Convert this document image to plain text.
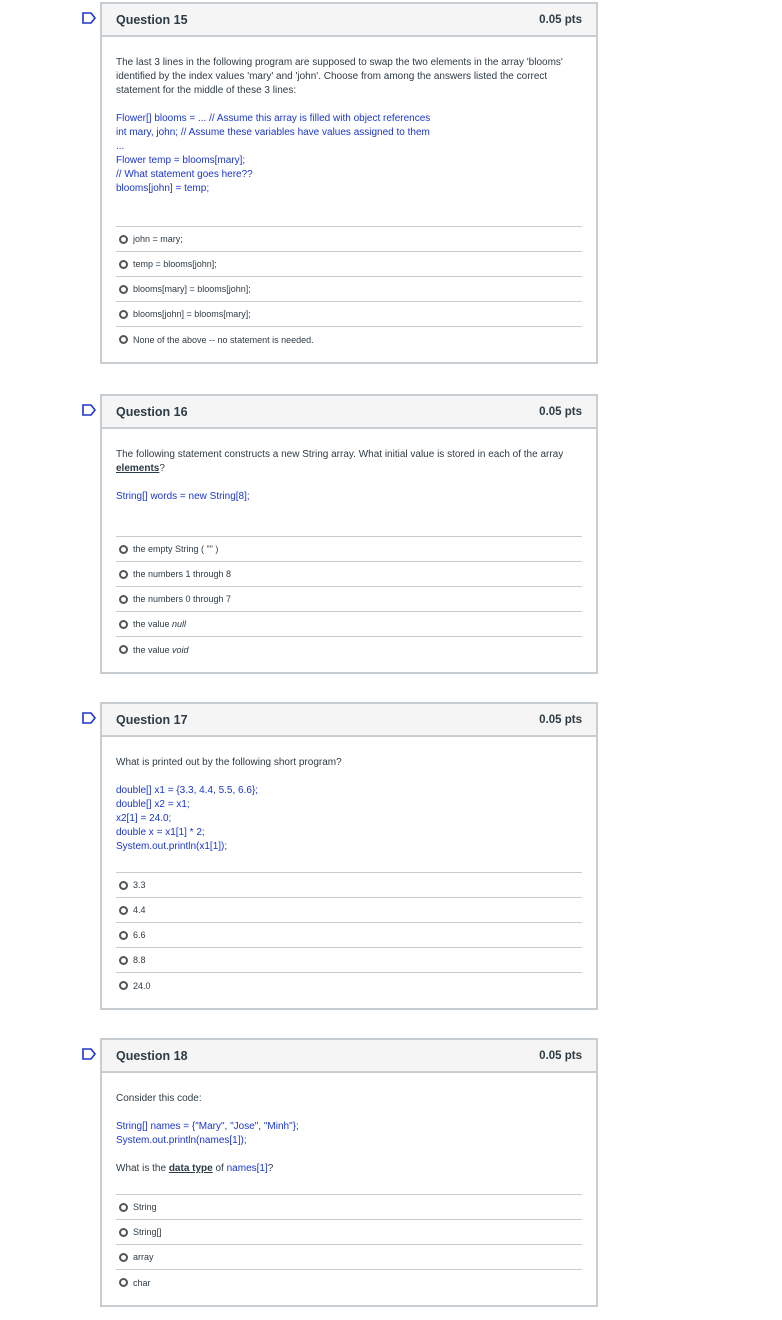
Question 15	0.05 pts

The last 3 lines in the following program are supposed to swap the two elements in the array 'blooms' identified by the index values 'mary' and 'john'. Choose from among the answers listed the correct statement for the middle of these 3 lines:

Flower[] blooms = ... // Assume this array is filled with object references

int mary, john; // Assume these variables have values assigned to them

...

Flower temp = blooms[mary];

// What statement goes here??

blooms[john] = temp;

john = mary;
temp = blooms[john];
blooms[mary] = blooms[john];
blooms[john] = blooms[mary];
None of the above -- no statement is needed.
Question 16	0.05 pts

The following statement constructs a new String array. What initial value is stored in each of the array elements?

String[] words = new String[8];

the empty String ( "" )
the numbers 1 through 8
the numbers 0 through 7
the value null
the value void
Question 17	0.05 pts

What is printed out by the following short program?

double[] x1 = {3.3, 4.4, 5.5, 6.6};

double[] x2 = x1;

x2[1] = 24.0;

double x = x1[1] * 2;

System.out.println(x1[1]);

3.3
4.4
6.6
8.8
24.0
Question 18	0.05 pts

Consider this code:

String[] names = {"Mary", "Jose", "Minh"};

System.out.println(names[1]);

What is the data type of names[1]?

String
String[]
array
char
